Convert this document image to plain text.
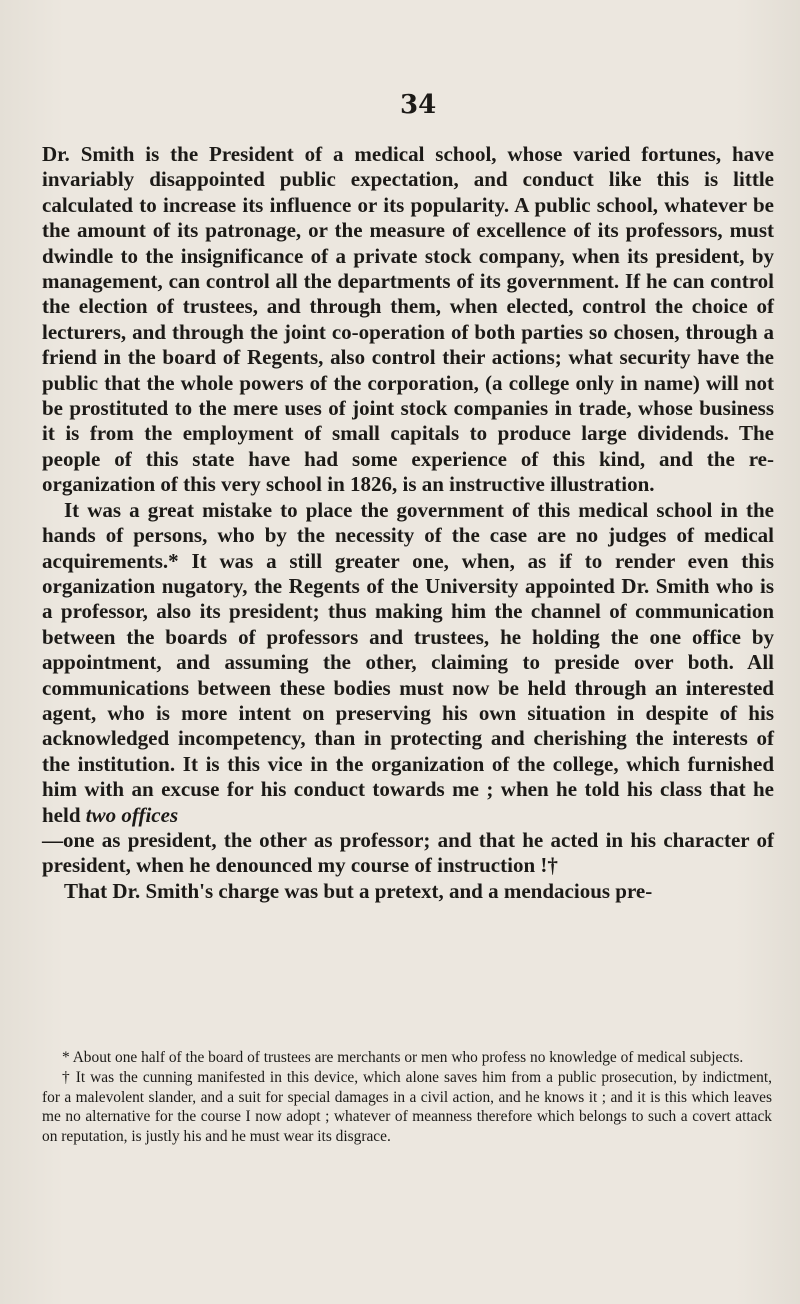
34

Dr. Smith is the President of a medical school, whose varied fortunes, have invariably disappointed public expectation, and conduct like this is little calculated to increase its influence or its popularity. A public school, whatever be the amount of its patronage, or the measure of excellence of its professors, must dwindle to the insignificance of a private stock company, when its president, by management, can control all the departments of its government. If he can control the election of trustees, and through them, when elected, control the choice of lecturers, and through the joint co-operation of both parties so chosen, through a friend in the board of Regents, also control their actions; what security have the public that the whole powers of the corporation, (a college only in name) will not be prostituted to the mere uses of joint stock companies in trade, whose business it is from the employment of small capitals to produce large dividends. The people of this state have had some experience of this kind, and the re-organization of this very school in 1826, is an instructive illustration.

It was a great mistake to place the government of this medical school in the hands of persons, who by the necessity of the case are no judges of medical acquirements.* It was a still greater one, when, as if to render even this organization nugatory, the Regents of the University appointed Dr. Smith who is a professor, also its president; thus making him the channel of communication between the boards of professors and trustees, he holding the one office by appointment, and assuming the other, claiming to preside over both. All communications between these bodies must now be held through an interested agent, who is more intent on preserving his own situation in despite of his acknowledged incompetency, than in protecting and cherishing the interests of the institution. It is this vice in the organization of the college, which furnished him with an excuse for his conduct towards me ; when he told his class that he held two offices

—one as president, the other as professor; and that he acted in his character of president, when he denounced my course of instruction !†

That Dr. Smith's charge was but a pretext, and a mendacious pre-

* About one half of the board of trustees are merchants or men who profess no knowledge of medical subjects.

† It was the cunning manifested in this device, which alone saves him from a public prosecution, by indictment, for a malevolent slander, and a suit for special damages in a civil action, and he knows it ; and it is this which leaves me no alternative for the course I now adopt ; whatever of meanness therefore which belongs to such a covert attack on reputation, is justly his and he must wear its disgrace.
